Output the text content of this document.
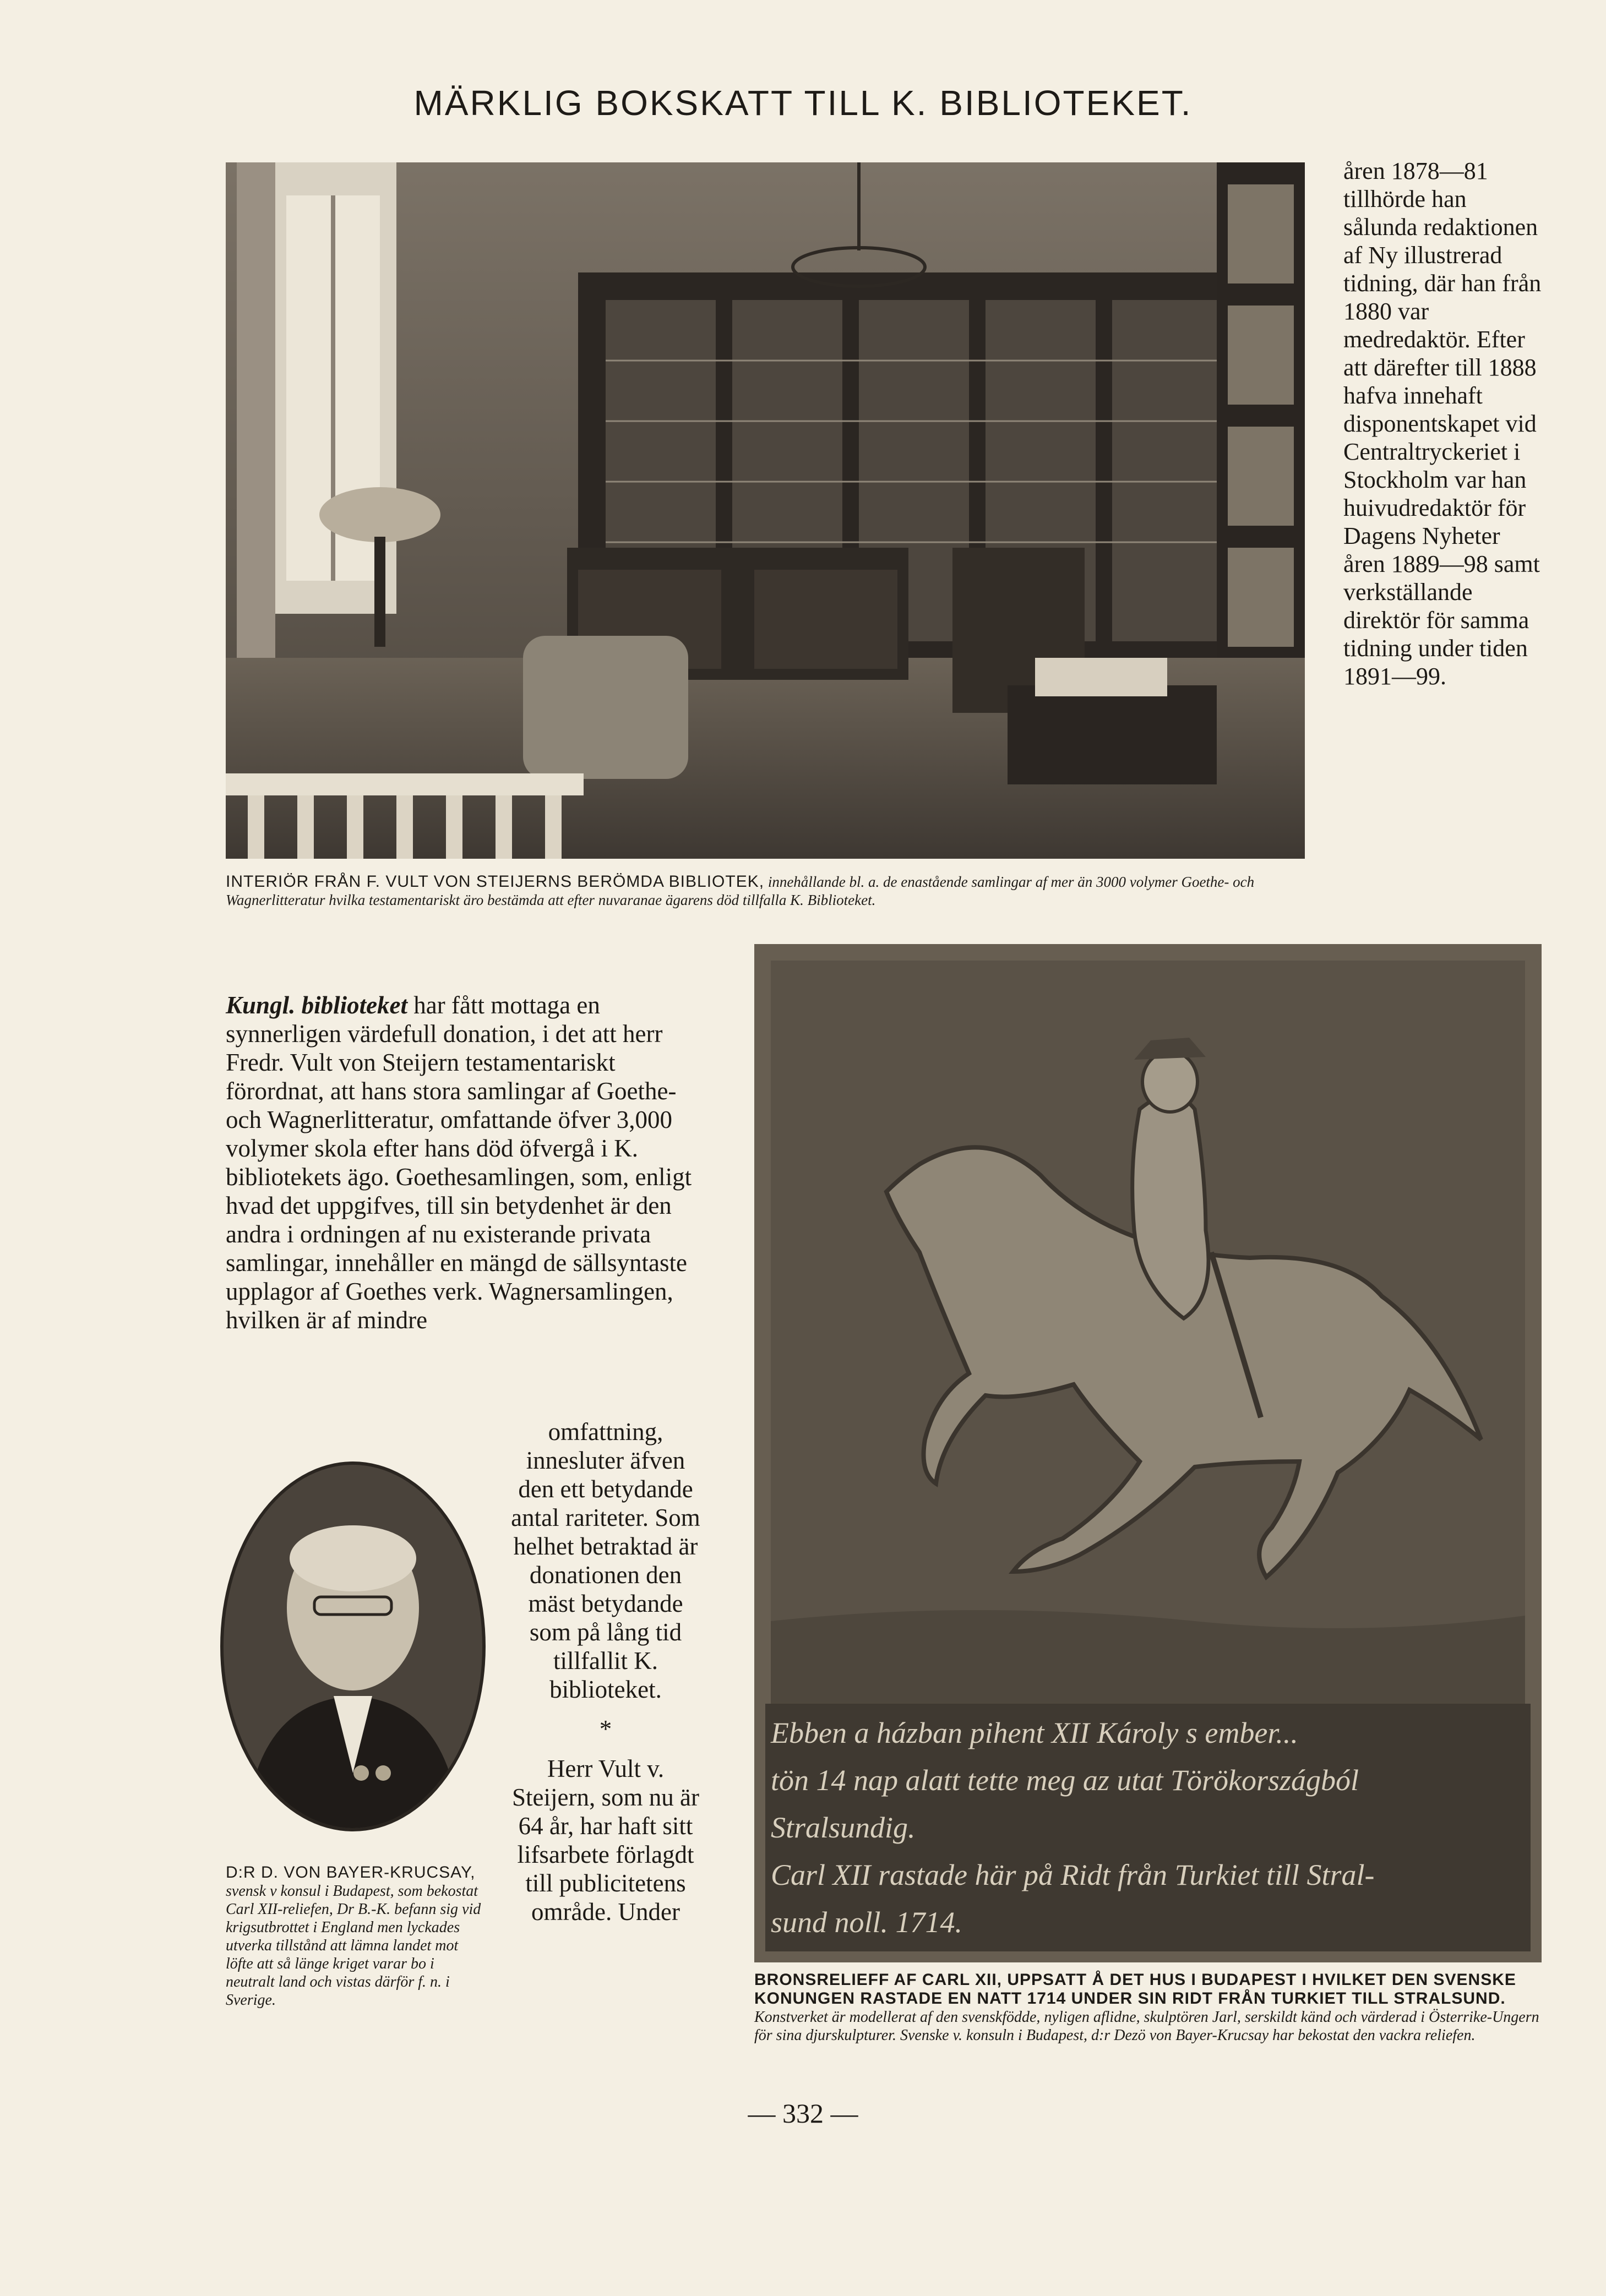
MÄRKLIG BOKSKATT TILL K. BIBLIOTEKET.

åren 1878—81 tillhörde han sålunda redaktionen af Ny illustrerad tidning, där han från 1880 var medredaktör. Efter att därefter till 1888 hafva innehaft disponentskapet vid Centraltryckeriet i Stockholm var han huivudredaktör för Dagens Nyheter åren 1889—98 samt verkställande direktör för samma tidning under tiden 1891—99.

INTERIÖR FRÅN F. VULT VON STEIJERNS BERÖMDA BIBLIOTEK, innehållande bl. a. de enastående samlingar af mer än 3000 volymer Goethe- och Wagnerlitteratur hvilka testamentariskt äro bestämda att efter nuvaranae ägarens död tillfalla K. Biblioteket.

Kungl. biblioteket har fått mottaga en synnerligen värdefull donation, i det att herr Fredr. Vult von Steijern testamentariskt förordnat, att hans stora samlingar af Goethe- och Wagnerlitteratur, omfattande öfver 3,000 volymer skola efter hans död öfvergå i K. bibliotekets ägo. Goethesamlingen, som, enligt hvad det uppgifves, till sin betydenhet är den andra i ordningen af nu existerande privata samlingar, innehåller en mängd de sällsyntaste upplagor af Goethes verk. Wagnersamlingen, hvilken är af mindre

omfattning, innesluter äfven den ett betydande antal rariteter. Som helhet betraktad är donationen den mäst betydande som på lång tid tillfallit K. biblioteket.

*

Herr Vult v. Steijern, som nu är 64 år, har haft sitt lifsarbete förlagdt till publicitetens område. Under

D:R D. VON BAYER-KRUCSAY, svensk v konsul i Budapest, som bekostat Carl XII-reliefen, Dr B.-K. befann sig vid krigsutbrottet i England men lyckades utverka tillstånd att lämna landet mot löfte att så länge kriget varar bo i neutralt land och vistas därför f. n. i Sverige.
Ebben a házban pihent XII Károly s ember...
tön 14 nap alatt tette meg az utat Törökországból
Stralsundig.
Carl XII rastade här på Ridt från Turkiet till Stral-
sund noll. 1714.
BRONSRELIEFF AF CARL XII, UPPSATT Å DET HUS I BUDAPEST I HVILKET DEN SVENSKE KONUNGEN RASTADE EN NATT 1714 UNDER SIN RIDT FRÅN TURKIET TILL STRALSUND. Konstverket är modellerat af den svenskfödde, nyligen aflidne, skulptören Jarl, serskildt känd och värderad i Österrike-Ungern för sina djurskulpturer. Svenske v. konsuln i Budapest, d:r Dezö von Bayer-Krucsay har bekostat den vackra reliefen.
— 332 —
